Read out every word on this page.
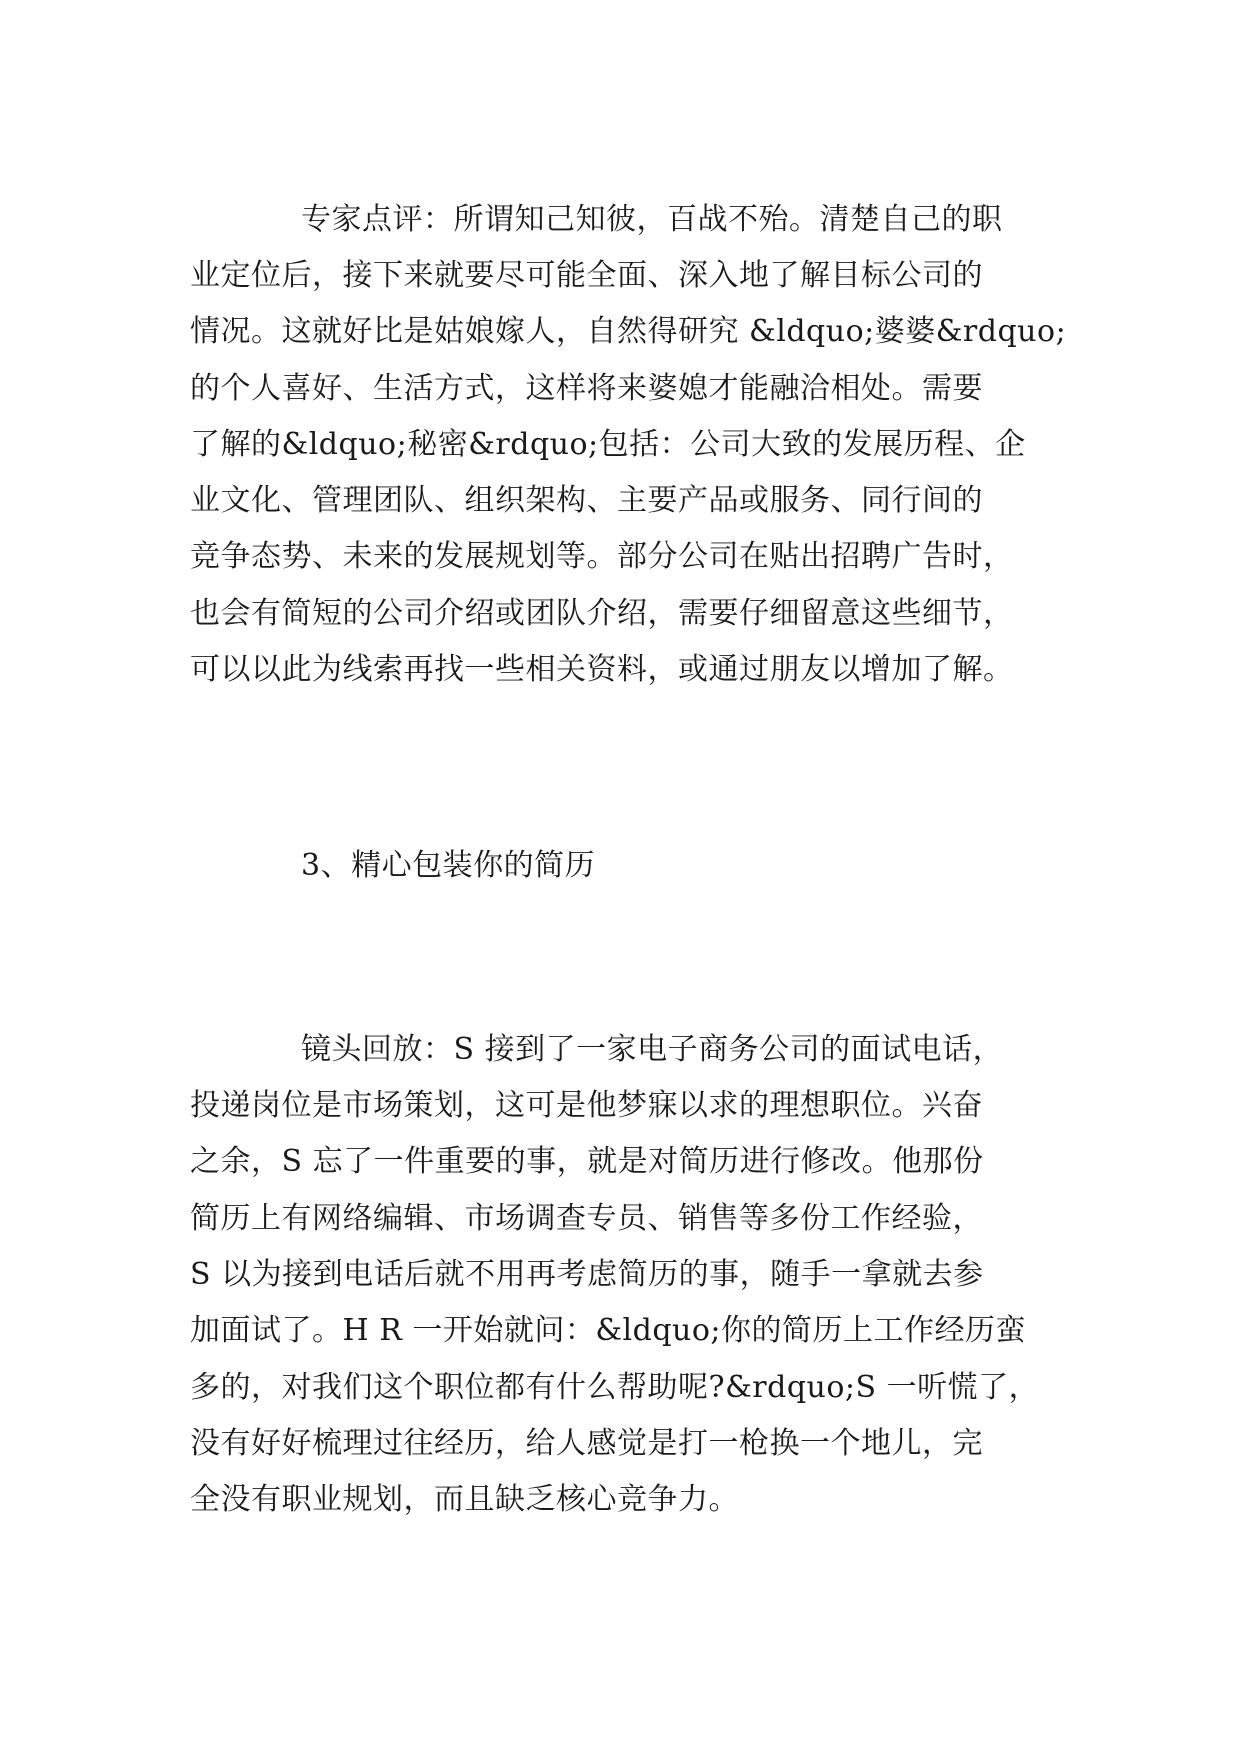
专家点评：所谓知己知彼，百战不殆。清楚自己的职
业定位后，接下来就要尽可能全面、深入地了解目标公司的
情况。这就好比是姑娘嫁人，自然得研究 &ldquo;婆婆&rdquo;
的个人喜好、生活方式，这样将来婆媳才能融洽相处。需要
了解的&ldquo;秘密&rdquo;包括：公司大致的发展历程、企
业文化、管理团队、组织架构、主要产品或服务、同行间的
竞争态势、未来的发展规划等。部分公司在贴出招聘广告时，
也会有简短的公司介绍或团队介绍，需要仔细留意这些细节，
可以以此为线索再找一些相关资料，或通过朋友以增加了解。
3、精心包装你的简历
镜头回放：S 接到了一家电子商务公司的面试电话，
投递岗位是市场策划，这可是他梦寐以求的理想职位。兴奋
之余，S 忘了一件重要的事，就是对简历进行修改。他那份
简历上有网络编辑、市场调查专员、销售等多份工作经验，
S 以为接到电话后就不用再考虑简历的事，随手一拿就去参
加面试了。H R 一开始就问：&ldquo;你的简历上工作经历蛮
多的，对我们这个职位都有什么帮助呢?&rdquo;S 一听慌了，
没有好好梳理过往经历，给人感觉是打一枪换一个地儿，完
全没有职业规划，而且缺乏核心竞争力。
